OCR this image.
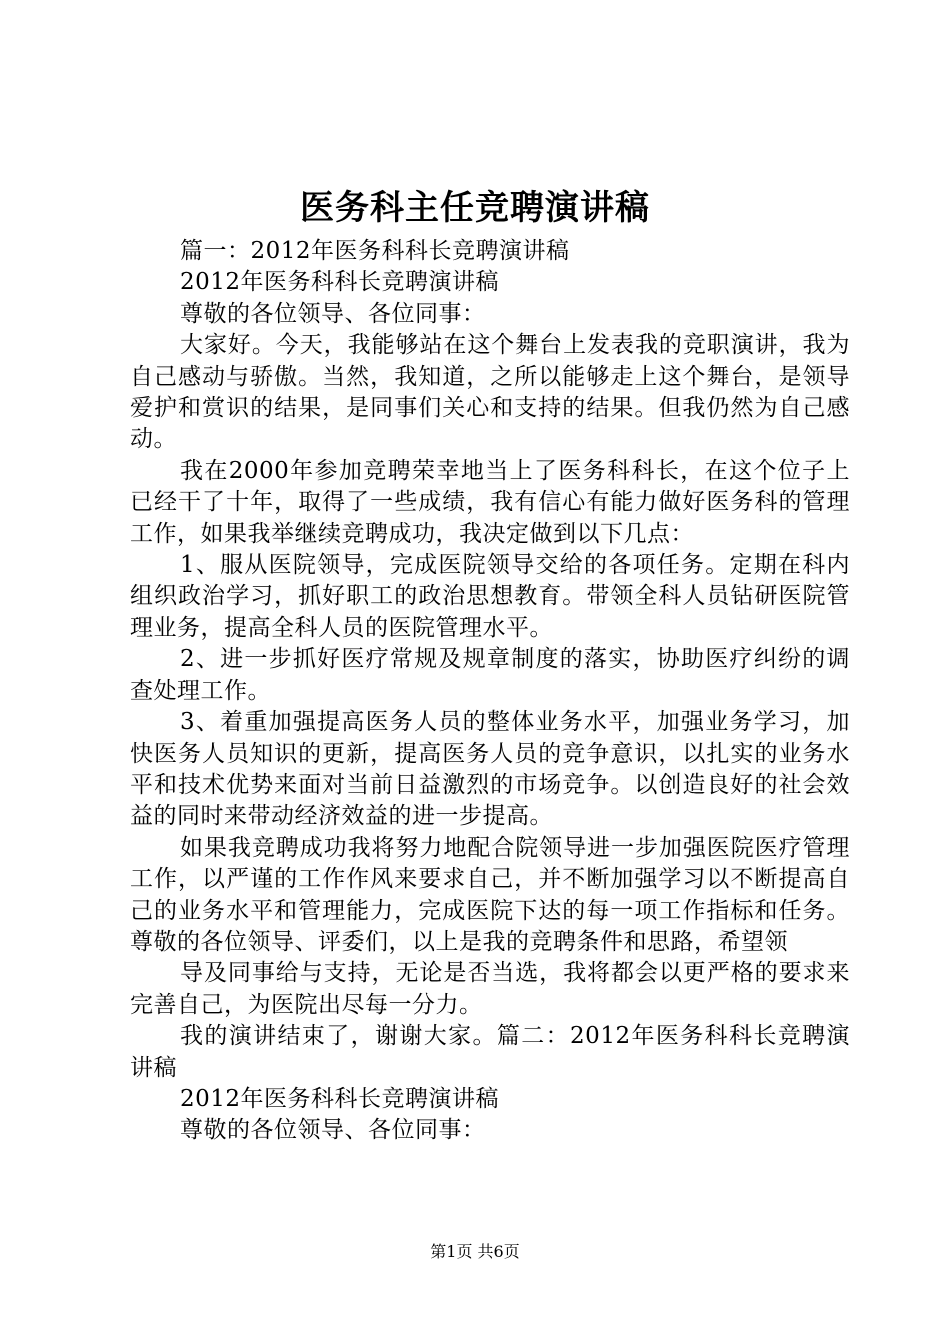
医务科主任竞聘演讲稿

篇一：2012年医务科科长竞聘演讲稿

2012年医务科科长竞聘演讲稿

尊敬的各位领导、各位同事：

大家好。今天，我能够站在这个舞台上发表我的竞职演讲，我为自己感动与骄傲。当然，我知道，之所以能够走上这个舞台，是领导爱护和赏识的结果，是同事们关心和支持的结果。但我仍然为自己感动。

我在2000年参加竞聘荣幸地当上了医务科科长，在这个位子上已经干了十年，取得了一些成绩，我有信心有能力做好医务科的管理工作，如果我举继续竞聘成功，我决定做到以下几点：

1、服从医院领导，完成医院领导交给的各项任务。定期在科内组织政治学习，抓好职工的政治思想教育。带领全科人员钻研医院管理业务，提高全科人员的医院管理水平。

2、进一步抓好医疗常规及规章制度的落实，协助医疗纠纷的调查处理工作。

3、着重加强提高医务人员的整体业务水平，加强业务学习，加快医务人员知识的更新，提高医务人员的竞争意识，以扎实的业务水平和技术优势来面对当前日益激烈的市场竞争。以创造良好的社会效益的同时来带动经济效益的进一步提高。

如果我竞聘成功我将努力地配合院领导进一步加强医院医疗管理工作，以严谨的工作作风来要求自己，并不断加强学习以不断提高自己的业务水平和管理能力，完成医院下达的每一项工作指标和任务。尊敬的各位领导、评委们，以上是我的竞聘条件和思路，希望领

导及同事给与支持，无论是否当选，我将都会以更严格的要求来完善自己，为医院出尽每一分力。

我的演讲结束了，谢谢大家。篇二：2012年医务科科长竞聘演讲稿

2012年医务科科长竞聘演讲稿

尊敬的各位领导、各位同事：

第1页 共6页
